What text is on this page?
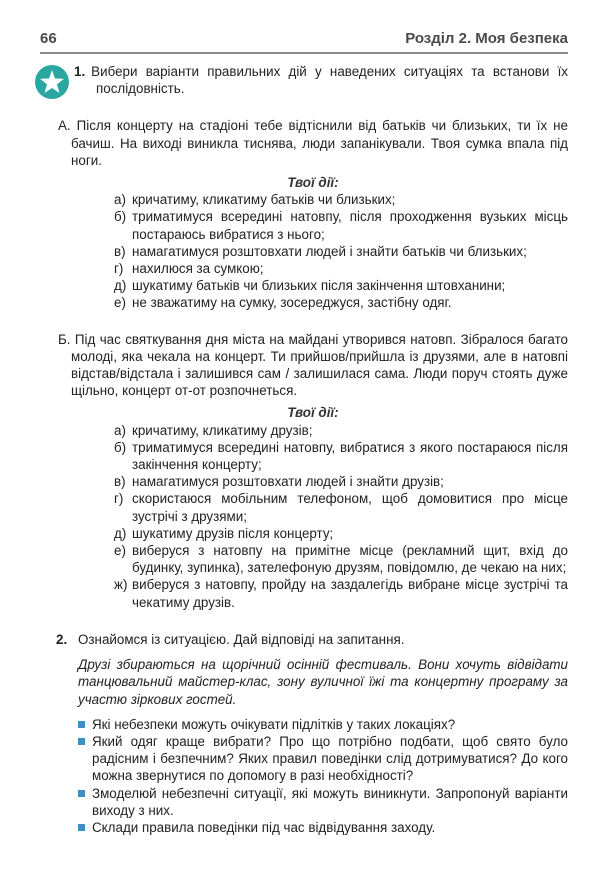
66	Розділ 2. Моя безпека

1. Вибери варіанти правильних дій у наведених ситуаціях та встанови їх послідовність.

А. Після концерту на стадіоні тебе відтіснили від батьків чи близьких, ти їх не бачиш. На виході виникла тиснява, люди запанікували. Твоя сумка впала під ноги.

Твої дії:

а) кричатиму, кликатиму батьків чи близьких;
б) триматимуся всередині натовпу, після проходження вузьких місць постараюсь вибратися з нього;
в) намагатимуся розштовхати людей і знайти батьків чи близьких;
г) нахилюся за сумкою;
д) шукатиму батьків чи близьких після закінчення штовханини;
е) не зважатиму на сумку, зосереджуся, застібну одяг.

Б. Під час святкування дня міста на майдані утворився натовп. Зібралося багато молоді, яка чекала на концерт. Ти прийшов/прийшла із друзями, але в натовпі відстав/відстала і залишився сам / залишилася сама. Люди поруч стоять дуже щільно, концерт от-от розпочнеться.

Твої дії:

а) кричатиму, кликатиму друзів;
б) триматимуся всередині натовпу, вибратися з якого постараюся після закінчення концерту;
в) намагатимуся розштовхати людей і знайти друзів;
г) скористаюся мобільним телефоном, щоб домовитися про місце зустрічі з друзями;
д) шукатиму друзів після концерту;
е) виберуся з натовпу на примітне місце (рекламний щит, вхід до будинку, зупинка), зателефоную друзям, повідомлю, де чекаю на них;
ж) виберуся з натовпу, пройду на заздалегідь вибране місце зустрічі та чекатиму друзів.

2. Ознайомся із ситуацією. Дай відповіді на запитання.

Друзі збираються на щорічний осінній фестиваль. Вони хочуть відвідати танцювальний майстер-клас, зону вуличної їжі та концертну програму за участю зіркових гостей.

Які небезпеки можуть очікувати підлітків у таких локаціях?
Який одяг краще вибрати? Про що потрібно подбати, щоб свято було радісним і безпечним? Яких правил поведінки слід дотримуватися? До кого можна звернутися по допомогу в разі необхідності?
Змоделюй небезпечні ситуації, які можуть виникнути. Запропонуй варіанти виходу з них.
Склади правила поведінки під час відвідування заходу.
